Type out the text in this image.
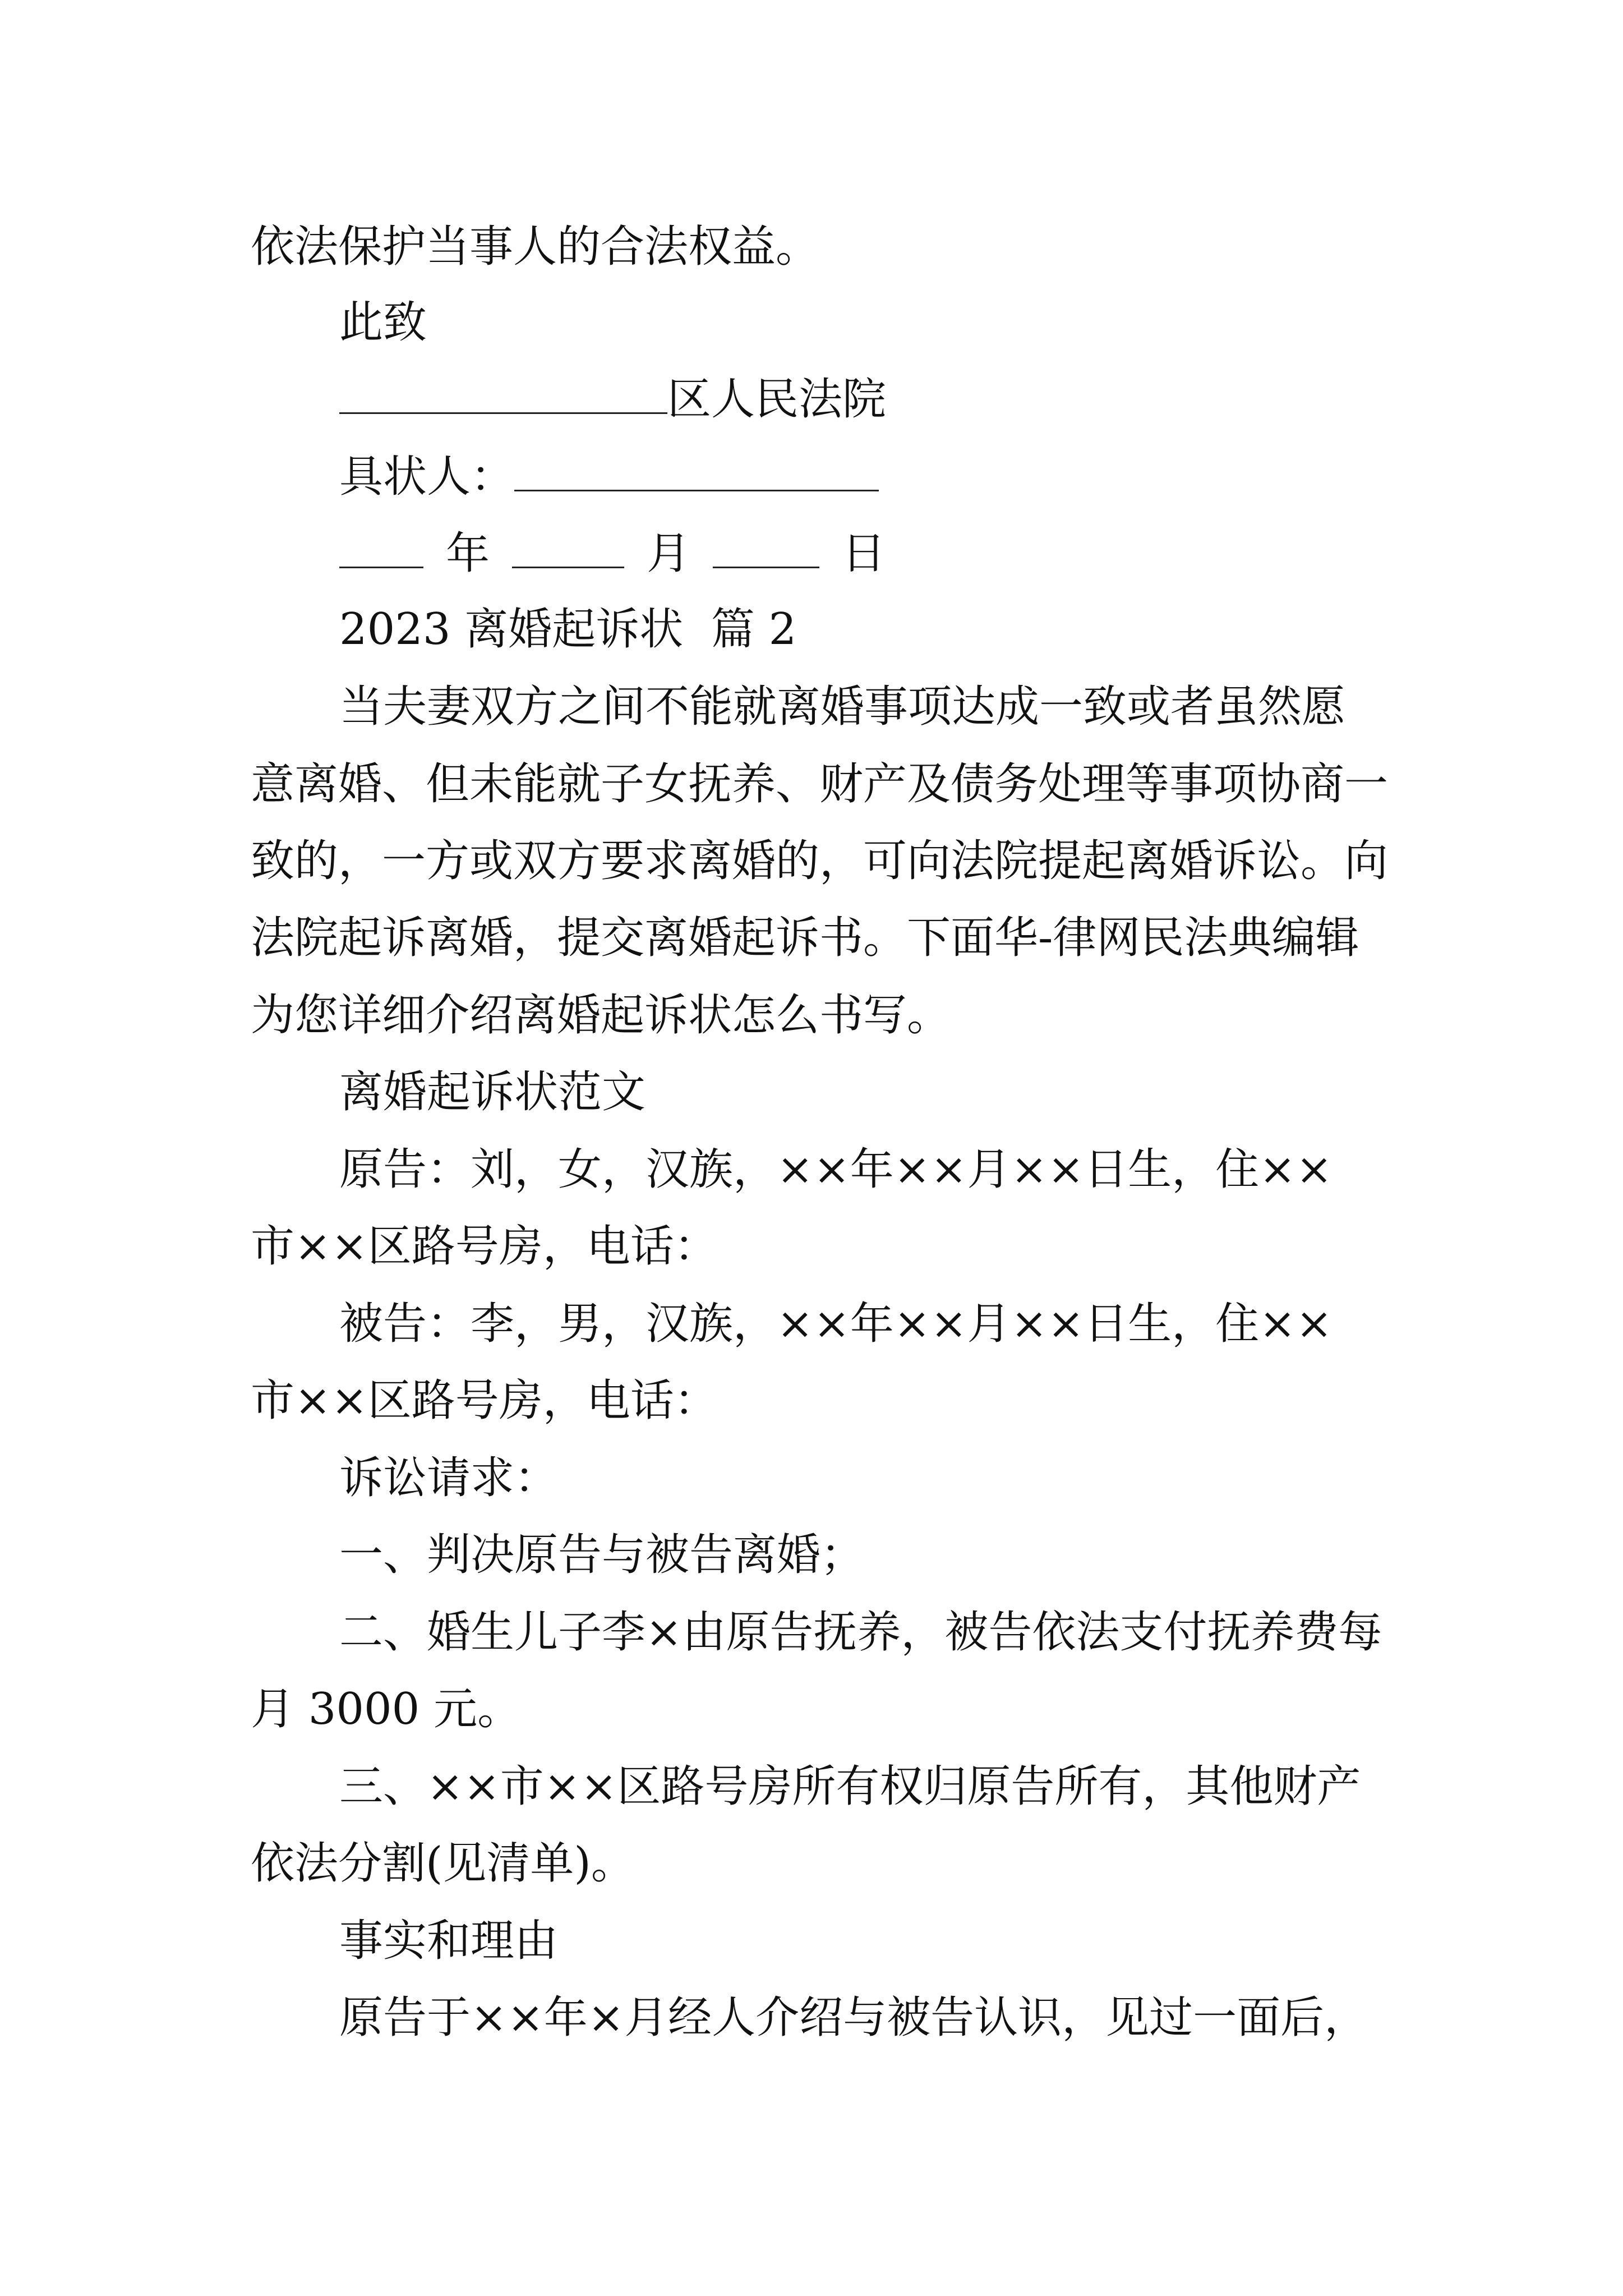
依法保护当事人的合法权益。
此致
区人民法院
具状人：
年	月	日
2023 离婚起诉状  篇 2
当夫妻双方之间不能就离婚事项达成一致或者虽然愿
意离婚、但未能就子女抚养、财产及债务处理等事项协商一
致的，一方或双方要求离婚的，可向法院提起离婚诉讼。向
法院起诉离婚，提交离婚起诉书。下面华-律网民法典编辑
为您详细介绍离婚起诉状怎么书写。
离婚起诉状范文
原告：刘，女，汉族，××年××月××日生，住××
市××区路号房，电话：
被告：李，男，汉族，××年××月××日生，住××
市××区路号房，电话：
诉讼请求：
一、判决原告与被告离婚；
二、婚生儿子李×由原告抚养，被告依法支付抚养费每
月 3000 元。
三、××市××区路号房所有权归原告所有，其他财产
依法分割(见清单)。
事实和理由
原告于××年×月经人介绍与被告认识，见过一面后，
